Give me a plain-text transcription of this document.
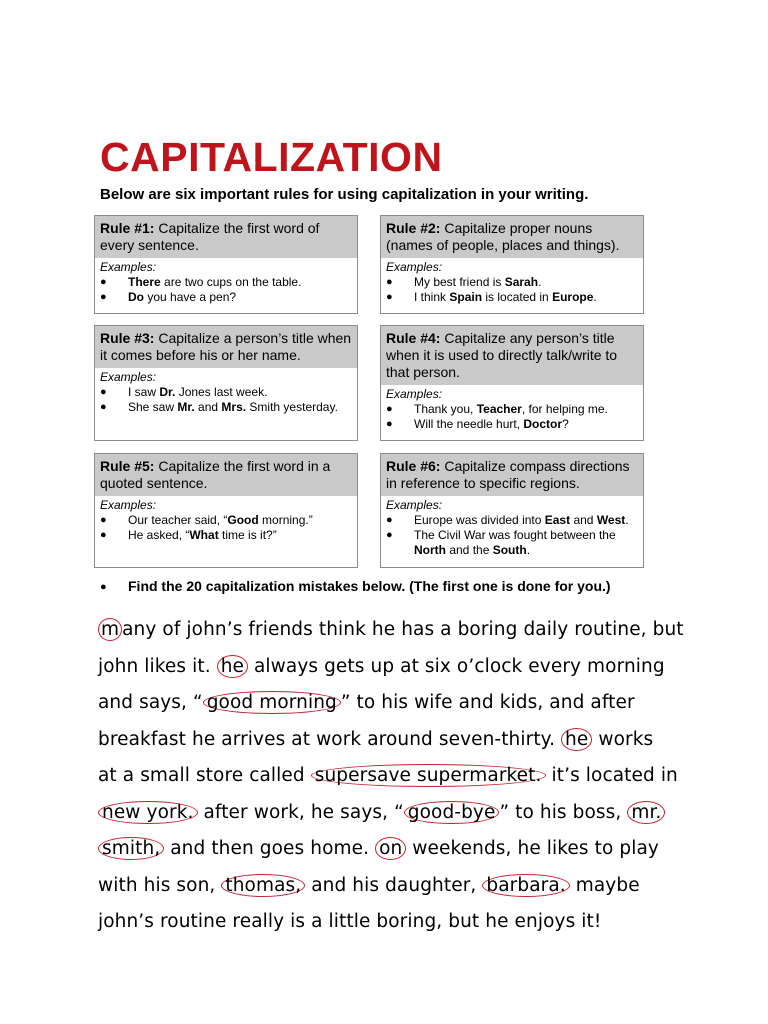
CAPITALIZATION

Below are six important rules for using capitalization in your writing.

Rule #1: Capitalize the first word of every sentence.
Examples:
●	There are two cups on the table.
●	Do you have a pen?
Rule #2: Capitalize proper nouns (names of people, places and things).
Examples:
●	My best friend is Sarah.
●	I think Spain is located in Europe.
Rule #3: Capitalize a person’s title when it comes before his or her name.
Examples:
●	I saw Dr. Jones last week.
●	She saw Mr. and Mrs. Smith yesterday.
Rule #4: Capitalize any person’s title when it is used to directly talk/write to that person.
Examples:
●	Thank you, Teacher, for helping me.
●	Will the needle hurt, Doctor?
Rule #5: Capitalize the first word in a quoted sentence.
Examples:
●	Our teacher said, “Good morning.”
●	He asked, “What time is it?”
Rule #6: Capitalize compass directions in reference to specific regions.
Examples:
●	Europe was divided into East and West.
●	The Civil War was fought between the North and the South.
●	Find the 20 capitalization mistakes below. (The first one is done for you.)
m any of john’s friends think he has a boring daily routine, but
john likes it. he always gets up at six o’clock every morning
and says, “ good morning ” to his wife and kids, and after
breakfast he arrives at work around seven-thirty. he works
at a small store called supersave supermarket. it’s located in
new york. after work, he says, “ good-bye ” to his boss, mr.
smith, and then goes home. on weekends, he likes to play
with his son, thomas, and his daughter, barbara. maybe
john’s routine really is a little boring, but he enjoys it!
